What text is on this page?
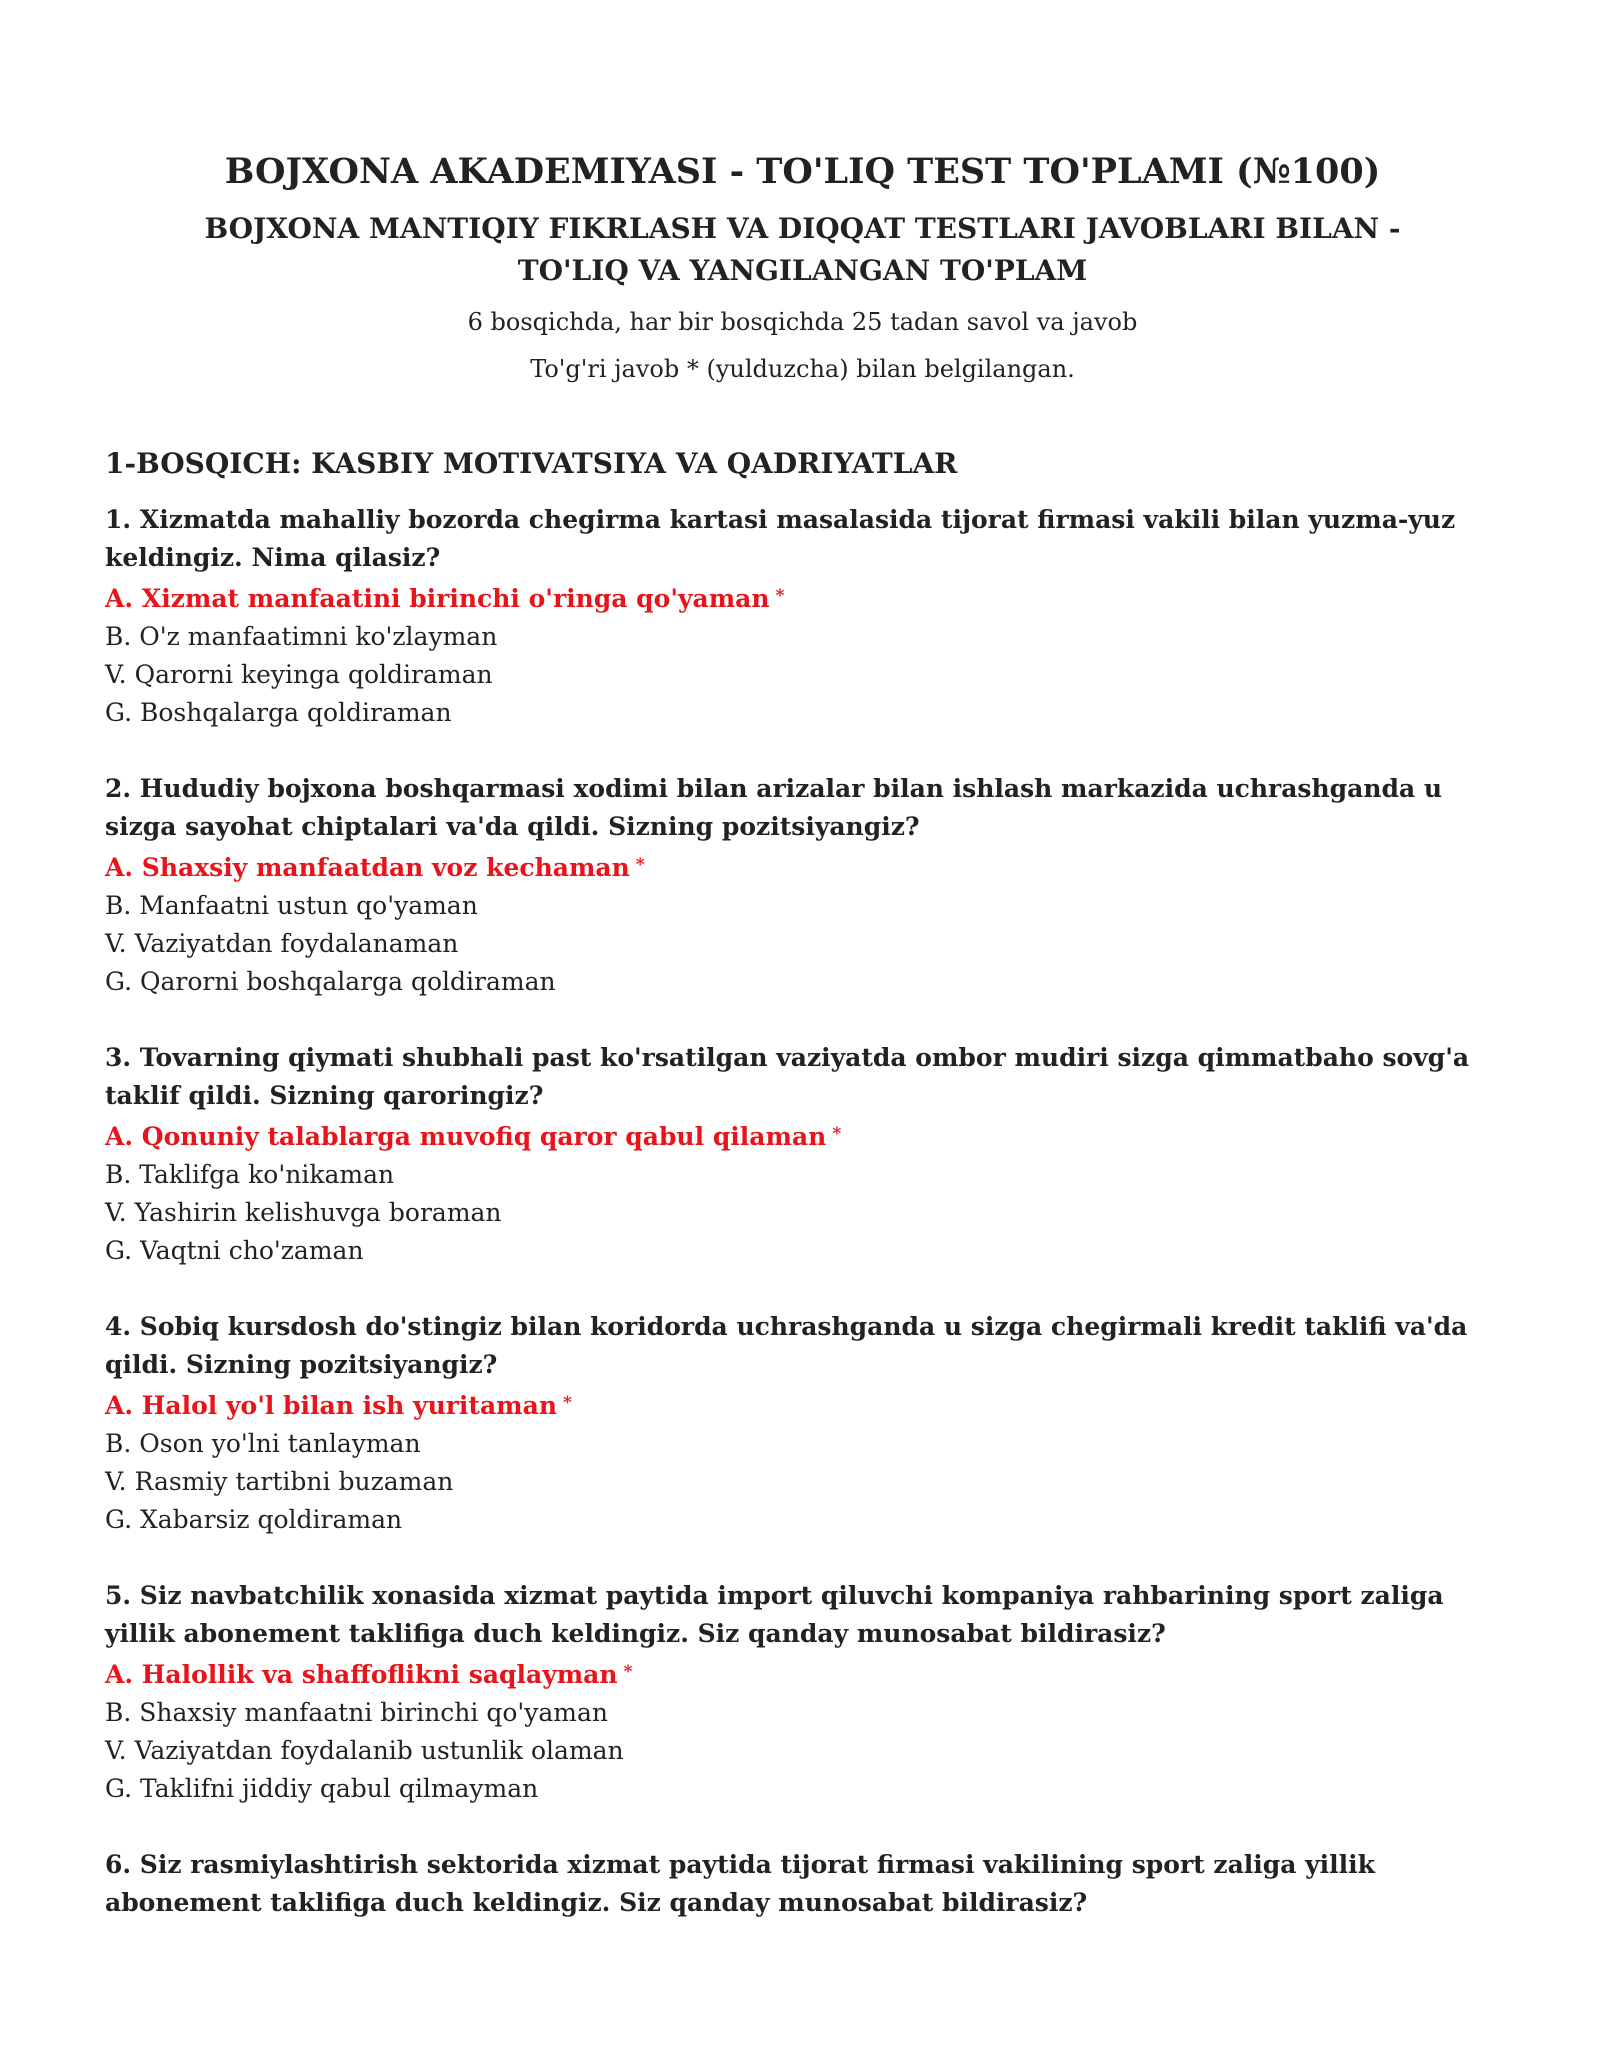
BOJXONA AKADEMIYASI - TO'LIQ TEST TO'PLAMI (№100)
BOJXONA MANTIQIY FIKRLASH VA DIQQAT TESTLARI JAVOBLARI BILAN - TO'LIQ VA YANGILANGAN TO'PLAM

6 bosqichda, har bir bosqichda 25 tadan savol va javob

To'g'ri javob * (yulduzcha) bilan belgilangan.

1-BOSQICH: KASBIY MOTIVATSIYA VA QADRIYATLAR

1. Xizmatda mahalliy bozorda chegirma kartasi masalasida tijorat firmasi vakili bilan yuzma-yuz keldingiz. Nima qilasiz?

A. Xizmat manfaatini birinchi o'ringa qo'yaman *

B. O'z manfaatimni ko'zlayman

V. Qarorni keyinga qoldiraman

G. Boshqalarga qoldiraman

2. Hududiy bojxona boshqarmasi xodimi bilan arizalar bilan ishlash markazida uchrashganda u sizga sayohat chiptalari va'da qildi. Sizning pozitsiyangiz?

A. Shaxsiy manfaatdan voz kechaman *

B. Manfaatni ustun qo'yaman

V. Vaziyatdan foydalanaman

G. Qarorni boshqalarga qoldiraman

3. Tovarning qiymati shubhali past ko'rsatilgan vaziyatda ombor mudiri sizga qimmatbaho sovg'a taklif qildi. Sizning qaroringiz?

A. Qonuniy talablarga muvofiq qaror qabul qilaman *

B. Taklifga ko'nikaman

V. Yashirin kelishuvga boraman

G. Vaqtni cho'zaman

4. Sobiq kursdosh do'stingiz bilan koridorda uchrashganda u sizga chegirmali kredit taklifi va'da qildi. Sizning pozitsiyangiz?

A. Halol yo'l bilan ish yuritaman *

B. Oson yo'lni tanlayman

V. Rasmiy tartibni buzaman

G. Xabarsiz qoldiraman

5. Siz navbatchilik xonasida xizmat paytida import qiluvchi kompaniya rahbarining sport zaliga yillik abonement taklifiga duch keldingiz. Siz qanday munosabat bildirasiz?

A. Halollik va shaffoflikni saqlayman *

B. Shaxsiy manfaatni birinchi qo'yaman

V. Vaziyatdan foydalanib ustunlik olaman

G. Taklifni jiddiy qabul qilmayman

6. Siz rasmiylashtirish sektorida xizmat paytida tijorat firmasi vakilining sport zaliga yillik abonement taklifiga duch keldingiz. Siz qanday munosabat bildirasiz?
